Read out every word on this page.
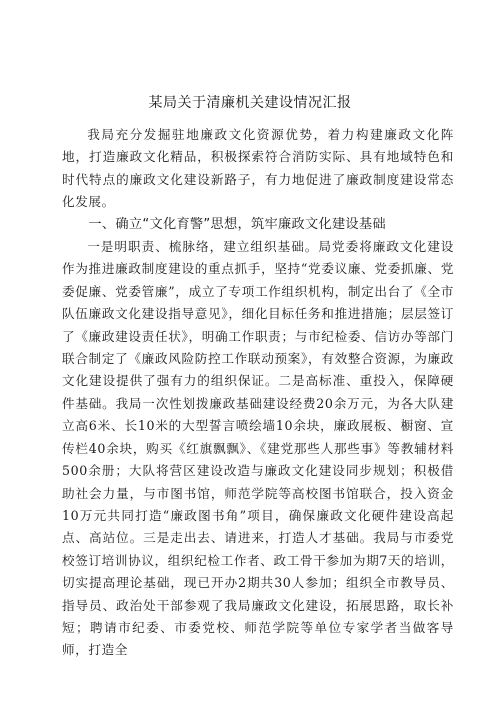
某局关于清廉机关建设情况汇报

我局充分发掘驻地廉政文化资源优势，着力构建廉政文化阵地，打造廉政文化精品，积极探索符合消防实际、具有地域特色和时代特点的廉政文化建设新路子，有力地促进了廉政制度建设常态化发展。

一、确立“文化育警”思想，筑牢廉政文化建设基础

一是明职责、梳脉络，建立组织基础。局党委将廉政文化建设作为推进廉政制度建设的重点抓手，坚持“党委议廉、党委抓廉、党委促廉、党委管廉”，成立了专项工作组织机构，制定出台了《全市队伍廉政文化建设指导意见》，细化目标任务和推进措施；层层签订了《廉政建设责任状》，明确工作职责；与市纪检委、信访办等部门联合制定了《廉政风险防控工作联动预案》，有效整合资源，为廉政文化建设提供了强有力的组织保证。二是高标准、重投入，保障硬件基础。我局一次性划拨廉政基础建设经费20余万元，为各大队建立高6米、长10米的大型誓言喷绘墙10余块，廉政展板、橱窗、宣传栏40余块，购买《红旗飘飘》、《建党那些人那些事》等教辅材料500余册；大队将营区建设改造与廉政文化建设同步规划；积极借助社会力量，与市图书馆，师范学院等高校图书馆联合，投入资金10万元共同打造“廉政图书角”项目，确保廉政文化硬件建设高起点、高站位。三是走出去、请进来，打造人才基础。我局与市委党校签订培训协议，组织纪检工作者、政工骨干参加为期7天的培训，切实提高理论基础，现已开办2期共30人参加；组织全市教导员、指导员、政治处干部参观了我局廉政文化建设，拓展思路，取长补短；聘请市纪委、市委党校、师范学院等单位专家学者当做客导师，打造全
